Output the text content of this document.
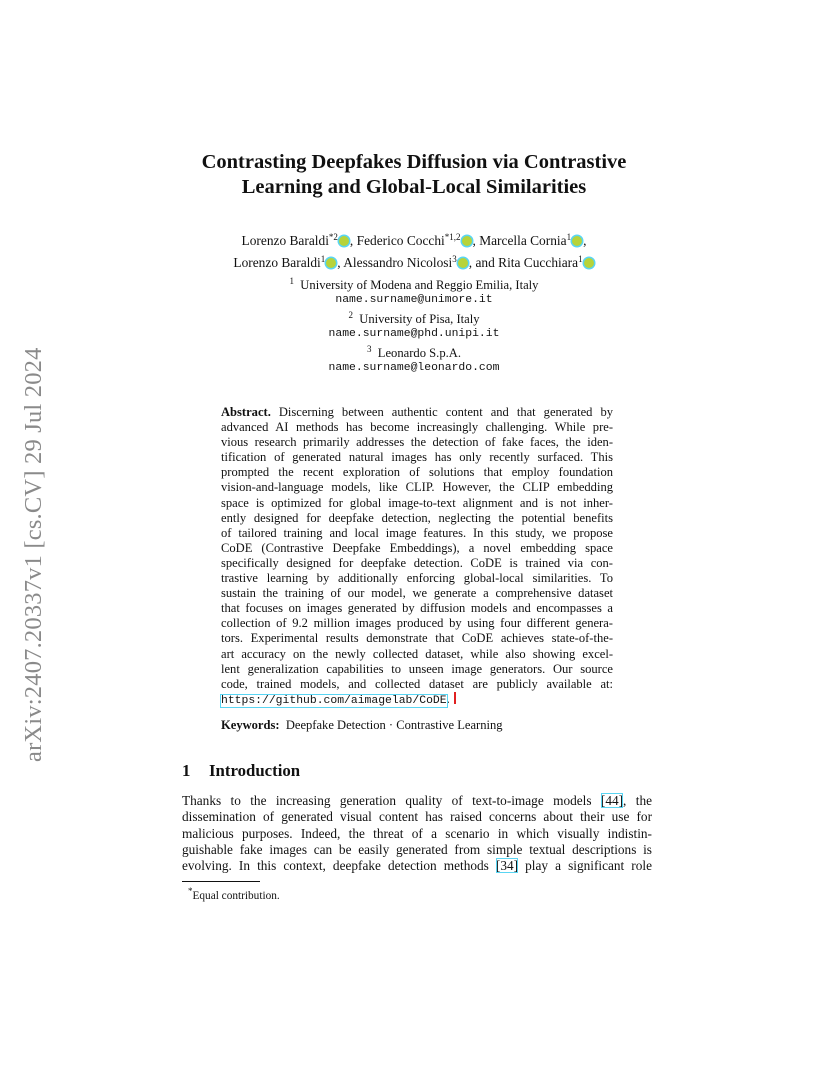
arXiv:2407.20337v1 [cs.CV] 29 Jul 2024
Contrasting Deepfakes Diffusion via Contrastive
Learning and Global-Local Similarities
Lorenzo Baraldi$^{*2}$ , Federico Cocchi$^{*1,2}$ , Marcella Cornia$^1$ ,
Lorenzo Baraldi$^1$ , Alessandro Nicolosi$^3$ , and Rita Cucchiara$^1$
$^1$ University of Modena and Reggio Emilia, Italy
name.surname@unimore.it
$^2$ University of Pisa, Italy
name.surname@phd.unipi.it
$^3$ Leonardo S.p.A.
name.surname@leonardo.com
Abstract. Discerning between authentic content and that generated by
advanced AI methods has become increasingly challenging. While pre-
vious research primarily addresses the detection of fake faces, the iden-
tification of generated natural images has only recently surfaced. This
prompted the recent exploration of solutions that employ foundation
vision-and-language models, like CLIP. However, the CLIP embedding
space is optimized for global image-to-text alignment and is not inher-
ently designed for deepfake detection, neglecting the potential benefits
of tailored training and local image features. In this study, we propose
CoDE (Contrastive Deepfake Embeddings), a novel embedding space
specifically designed for deepfake detection. CoDE is trained via con-
trastive learning by additionally enforcing global-local similarities. To
sustain the training of our model, we generate a comprehensive dataset
that focuses on images generated by diffusion models and encompasses a
collection of 9.2 million images produced by using four different genera-
tors. Experimental results demonstrate that CoDE achieves state-of-the-
art accuracy on the newly collected dataset, while also showing excel-
lent generalization capabilities to unseen image generators. Our source
code, trained models, and collected dataset are publicly available at:
https://github.com/aimagelab/CoDE.
Keywords: Deepfake Detection · Contrastive Learning
1 Introduction
Thanks to the increasing generation quality of text-to-image models [44], the
dissemination of generated visual content has raised concerns about their use for
malicious purposes. Indeed, the threat of a scenario in which visually indistin-
guishable fake images can be easily generated from simple textual descriptions is
evolving. In this context, deepfake detection methods [34] play a significant role
*Equal contribution.
